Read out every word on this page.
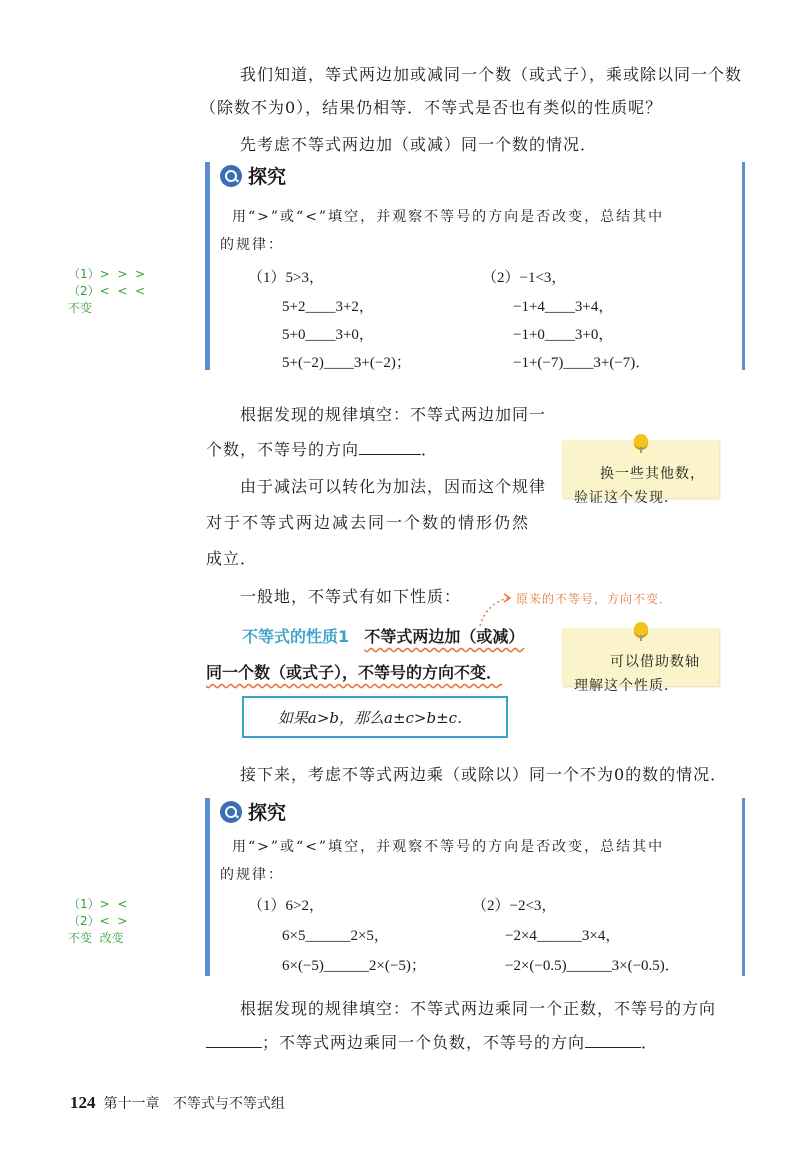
我们知道，等式两边加或减同一个数（或式子），乘或除以同一个数
（除数不为0），结果仍相等．不等式是否也有类似的性质呢？
先考虑不等式两边加（或减）同一个数的情况．
探究
用“>”或“<”填空，并观察不等号的方向是否改变，总结其中
的规律：
（1）5>3，
5+2____3+2，
5+0____3+0，
5+(−2)____3+(−2)；
（2）−1<3，
−1+4____3+4，
−1+0____3+0，
−1+(−7)____3+(−7)．
（1）>  >  >
（2）<  <  <
不变
根据发现的规律填空：不等式两边加同一
个数，不等号的方向	．
由于减法可以转化为加法，因而这个规律
对于不等式两边减去同一个数的情形仍然
成立．
一般地，不等式有如下性质：
换一些其他数，验证这个发现．
可以借助数轴理解这个性质．
原来的不等号，方向不变．
不等式的性质1 不等式两边加（或减）
同一个数（或式子），不等号的方向不变．
如果a>b，那么a±c>b±c．
接下来，考虑不等式两边乘（或除以）同一个不为0的数的情况．
探究
用“>”或“<”填空，并观察不等号的方向是否改变，总结其中
的规律：
（1）6>2，
6×5______2×5，
6×(−5)______2×(−5)；
（2）−2<3，
−2×4______3×4，
−2×(−0.5)______3×(−0.5)．
（1）>  <
（2）<  >
不变  改变
根据发现的规律填空：不等式两边乘同一个正数，不等号的方向
；不等式两边乘同一个负数，不等号的方向	．
124 第十一章 不等式与不等式组
